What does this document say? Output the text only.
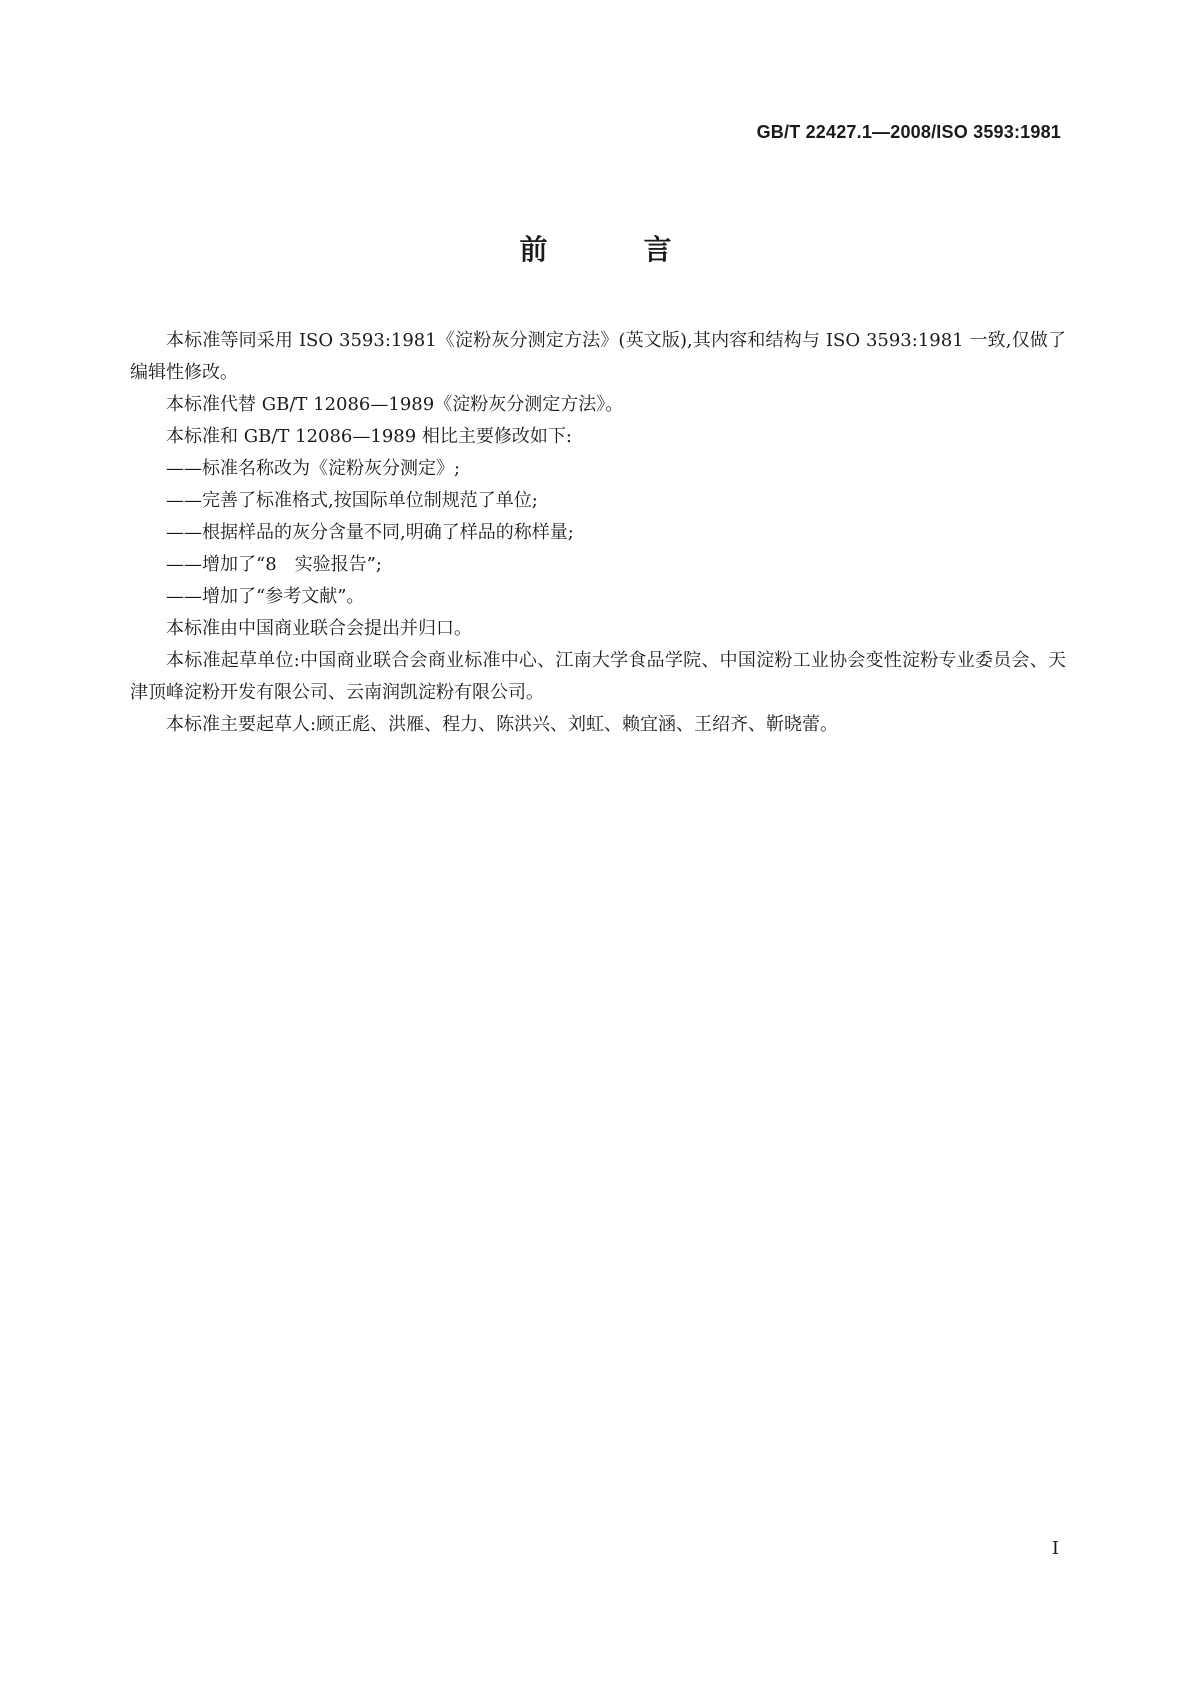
GB/T 22427.1—2008/ISO 3593:1981
前　言

本标准等同采用 ISO 3593:1981《淀粉灰分测定方法》(英文版),其内容和结构与 ISO 3593:1981 一致,仅做了编辑性修改。

本标准代替 GB/T 12086—1989《淀粉灰分测定方法》。

本标准和 GB/T 12086—1989 相比主要修改如下:

——标准名称改为《淀粉灰分测定》;

——完善了标准格式,按国际单位制规范了单位;

——根据样品的灰分含量不同,明确了样品的称样量;

——增加了“8　实验报告”;

——增加了“参考文献”。

本标准由中国商业联合会提出并归口。

本标准起草单位:中国商业联合会商业标准中心、江南大学食品学院、中国淀粉工业协会变性淀粉专业委员会、天津顶峰淀粉开发有限公司、云南润凯淀粉有限公司。

本标准主要起草人:顾正彪、洪雁、程力、陈洪兴、刘虹、赖宜涵、王绍齐、靳晓蕾。

I
